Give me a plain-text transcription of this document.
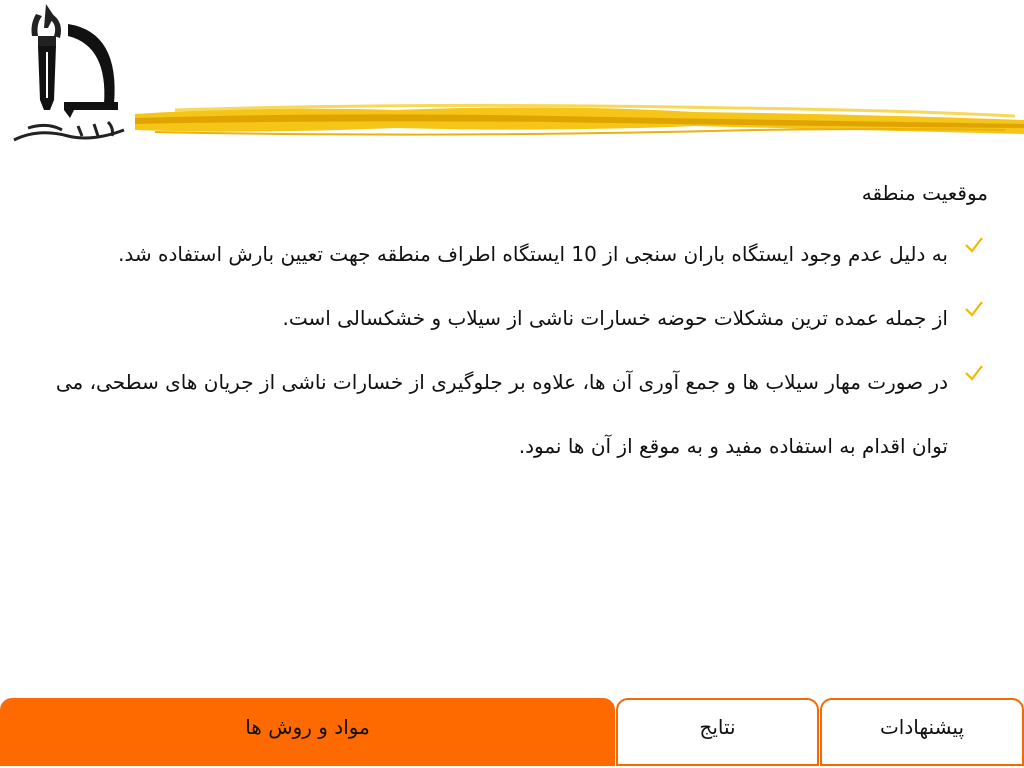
موقعیت منطقه
به دلیل عدم وجود ایستگاه باران سنجی از 10 ایستگاه اطراف منطقه جهت تعیین بارش استفاده شد.
از جمله عمده ترین مشکلات حوضه خسارات ناشی از سیلاب و خشکسالی است.
در صورت مهار سیلاب ها و جمع آوری آن ها، علاوه بر جلوگیری از خسارات ناشی از جریان های سطحی، می توان اقدام به استفاده مفید و به موقع از آن ها نمود.
مواد و روش ها	نتایج	پیشنهادات
